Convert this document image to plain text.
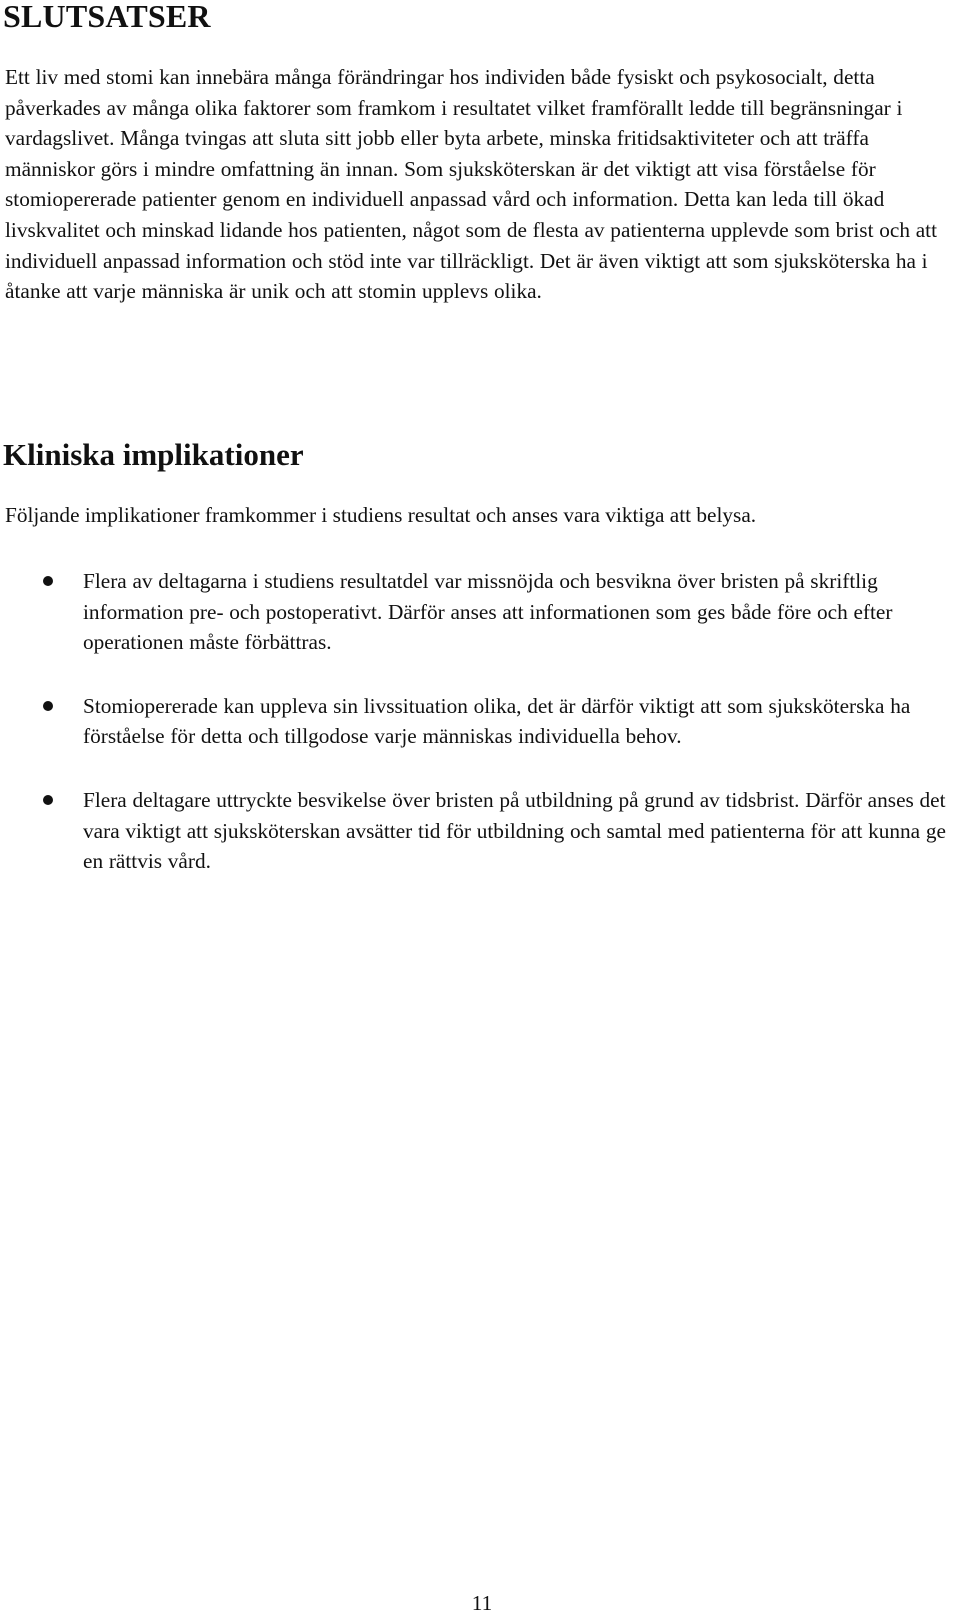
SLUTSATSER

Ett liv med stomi kan innebära många förändringar hos individen både fysiskt och psykosocialt, detta påverkades av många olika faktorer som framkom i resultatet vilket framförallt ledde till begränsningar i vardagslivet. Många tvingas att sluta sitt jobb eller byta arbete, minska fritidsaktiviteter och att träffa människor görs i mindre omfattning än innan. Som sjuksköterskan är det viktigt att visa förståelse för stomiopererade patienter genom en individuell anpassad vård och information. Detta kan leda till ökad livskvalitet och minskad lidande hos patienten, något som de flesta av patienterna upplevde som brist och att individuell anpassad information och stöd inte var tillräckligt. Det är även viktigt att som sjuksköterska ha i åtanke att varje människa är unik och att stomin upplevs olika.

Kliniska implikationer

Följande implikationer framkommer i studiens resultat och anses vara viktiga att belysa.

Flera av deltagarna i studiens resultatdel var missnöjda och besvikna över bristen på skriftlig information pre- och postoperativt. Därför anses att informationen som ges både före och efter operationen måste förbättras.

Stomiopererade kan uppleva sin livssituation olika, det är därför viktigt att som sjuksköterska ha förståelse för detta och tillgodose varje människas individuella behov.

Flera deltagare uttryckte besvikelse över bristen på utbildning på grund av tidsbrist. Därför anses det vara viktigt att sjuksköterskan avsätter tid för utbildning och samtal med patienterna för att kunna ge en rättvis vård.

11
